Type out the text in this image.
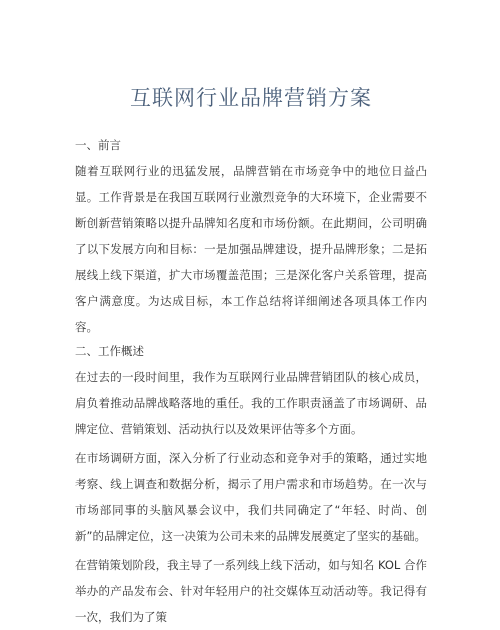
互联网行业品牌营销方案
一、前言

随着互联网行业的迅猛发展，品牌营销在市场竞争中的地位日益凸显。工作背景是在我国互联网行业激烈竞争的大环境下，企业需要不断创新营销策略以提升品牌知名度和市场份额。在此期间，公司明确了以下发展方向和目标：一是加强品牌建设，提升品牌形象；二是拓展线上线下渠道，扩大市场覆盖范围；三是深化客户关系管理，提高客户满意度。为达成目标，本工作总结将详细阐述各项具体工作内容。

二、工作概述

在过去的一段时间里，我作为互联网行业品牌营销团队的核心成员，肩负着推动品牌战略落地的重任。我的工作职责涵盖了市场调研、品牌定位、营销策划、活动执行以及效果评估等多个方面。

在市场调研方面，深入分析了行业动态和竞争对手的策略，通过实地考察、线上调查和数据分析，揭示了用户需求和市场趋势。在一次与市场部同事的头脑风暴会议中，我们共同确定了“年轻、时尚、创新”的品牌定位，这一决策为公司未来的品牌发展奠定了坚实的基础。

在营销策划阶段，我主导了一系列线上线下活动，如与知名 KOL 合作举办的产品发布会、针对年轻用户的社交媒体互动活动等。我记得有一次，我们为了策
